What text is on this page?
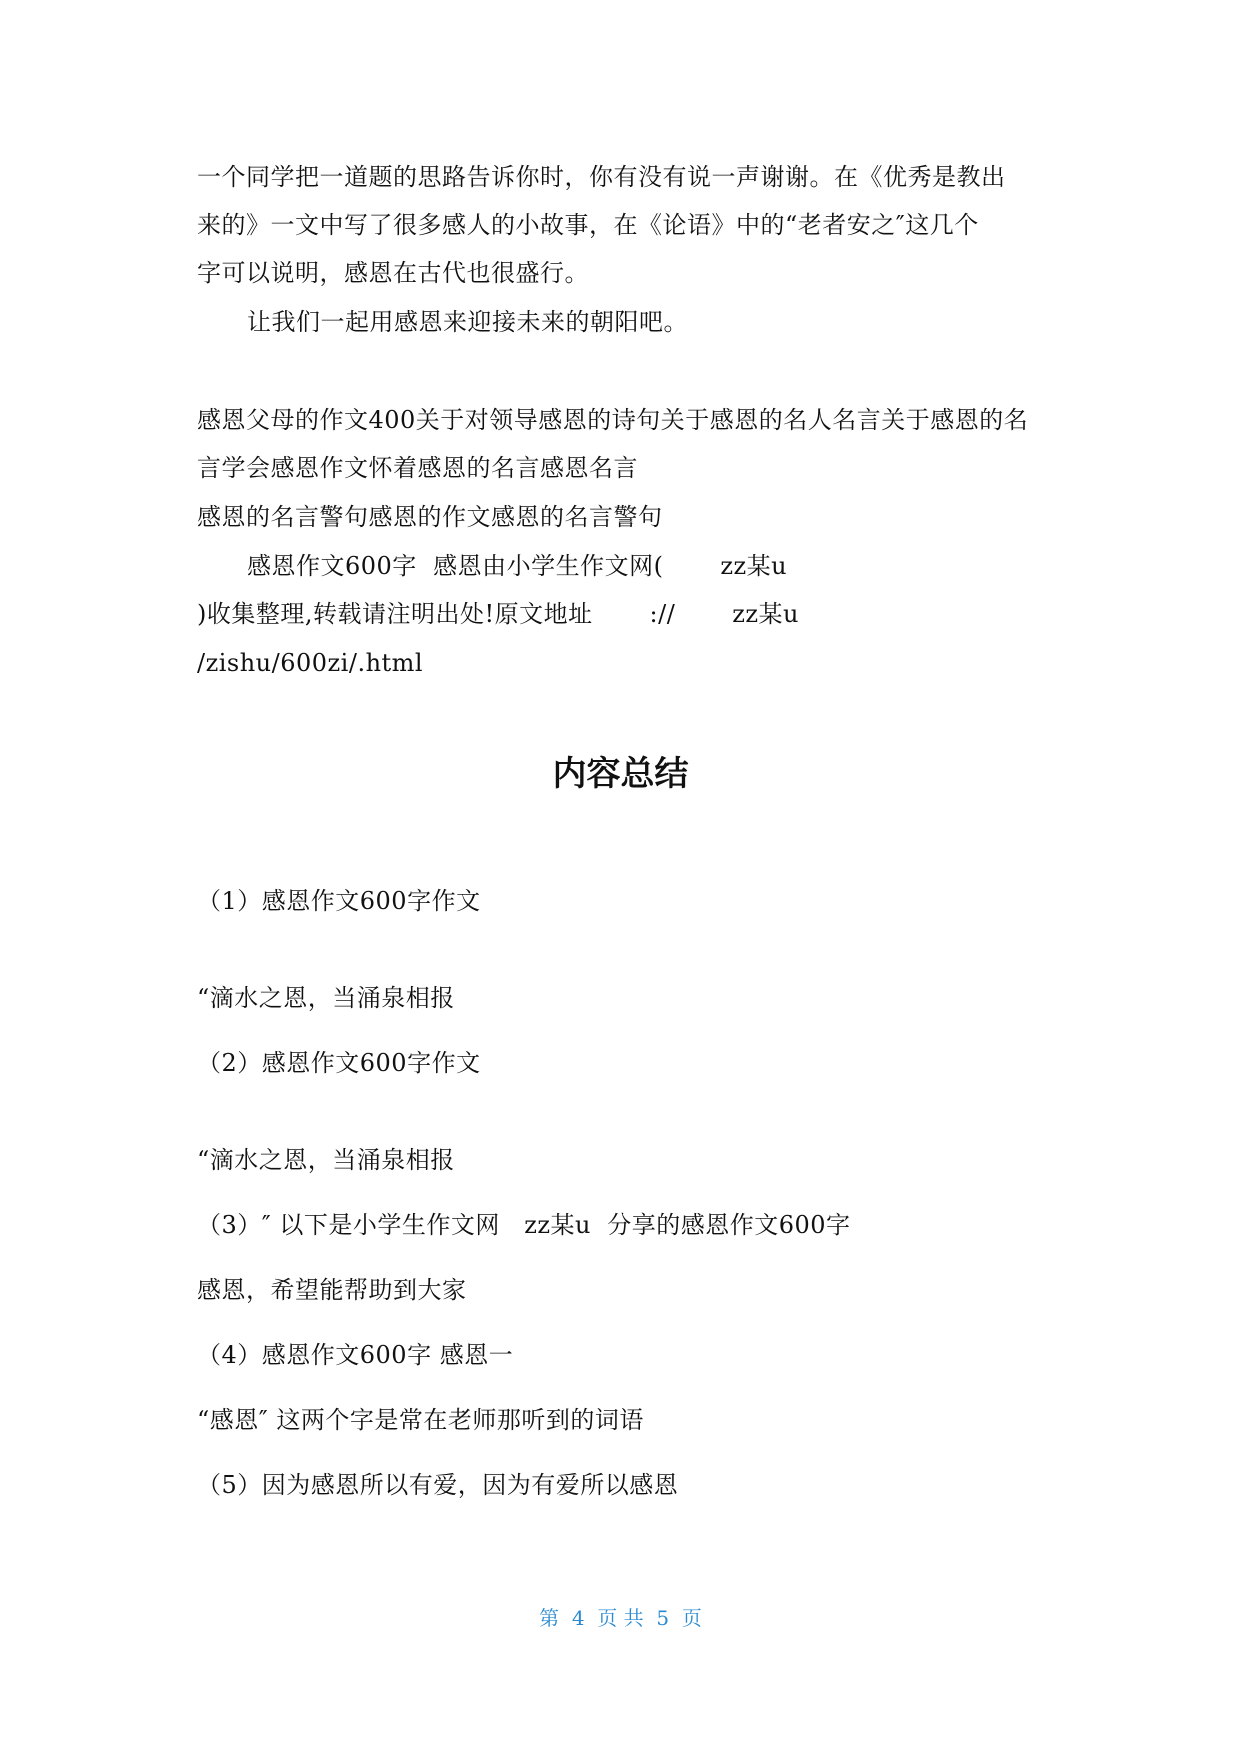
一个同学把一道题的思路告诉你时，你有没有说一声谢谢。在《优秀是教出
来的》一文中写了很多感人的小故事，在《论语》中的“老者安之″这几个
字可以说明，感恩在古代也很盛行。
让我们一起用感恩来迎接未来的朝阳吧。
感恩父母的作文400关于对领导感恩的诗句关于感恩的名人名言关于感恩的名
言学会感恩作文怀着感恩的名言感恩名言
感恩的名言警句感恩的作文感恩的名言警句
感恩作文600字  感恩由小学生作文网(       zz某u
)收集整理,转载请注明出处!原文地址       ://       zz某u
/zishu/600zi/.html
内容总结
（1）感恩作文600字作文
“滴水之恩，当涌泉相报
（2）感恩作文600字作文
“滴水之恩，当涌泉相报
（3）″ 以下是小学生作文网   zz某u  分享的感恩作文600字
感恩，希望能帮助到大家
（4）感恩作文600字 感恩一
“感恩″ 这两个字是常在老师那听到的词语
（5）因为感恩所以有爱，因为有爱所以感恩
第  4  页 共  5  页
